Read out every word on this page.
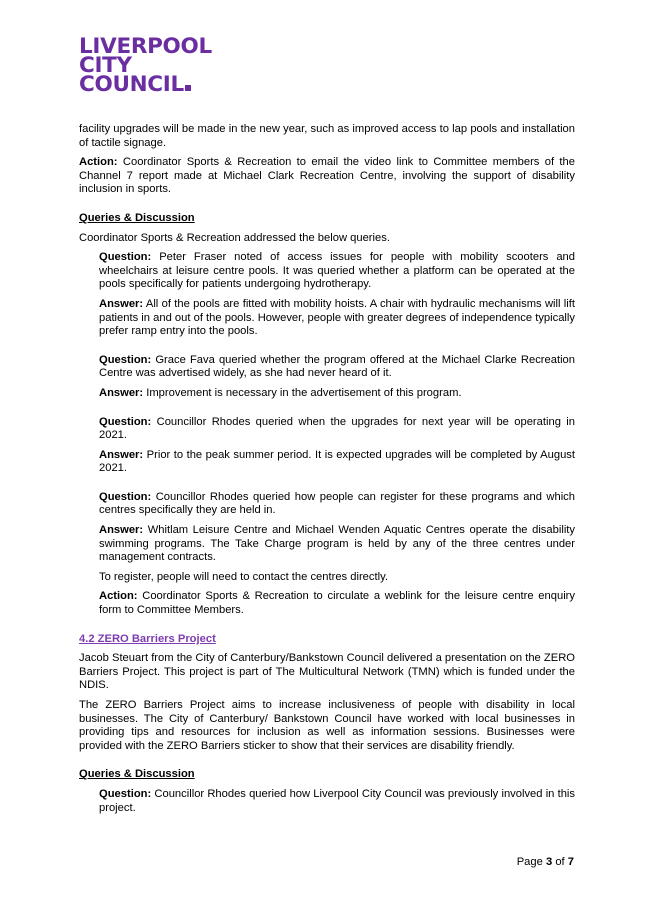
LIVERPOOL
CITY
COUNCIL

facility upgrades will be made in the new year, such as improved access to lap pools and installation of tactile signage.

Action: Coordinator Sports & Recreation to email the video link to Committee members of the Channel 7 report made at Michael Clark Recreation Centre, involving the support of disability inclusion in sports.

Queries & Discussion

Coordinator Sports & Recreation addressed the below queries.

Question: Peter Fraser noted of access issues for people with mobility scooters and wheelchairs at leisure centre pools. It was queried whether a platform can be operated at the pools specifically for patients undergoing hydrotherapy.

Answer: All of the pools are fitted with mobility hoists. A chair with hydraulic mechanisms will lift patients in and out of the pools. However, people with greater degrees of independence typically prefer ramp entry into the pools.

Question: Grace Fava queried whether the program offered at the Michael Clarke Recreation Centre was advertised widely, as she had never heard of it.

Answer: Improvement is necessary in the advertisement of this program.

Question: Councillor Rhodes queried when the upgrades for next year will be operating in 2021.

Answer: Prior to the peak summer period. It is expected upgrades will be completed by August 2021.

Question: Councillor Rhodes queried how people can register for these programs and which centres specifically they are held in.

Answer: Whitlam Leisure Centre and Michael Wenden Aquatic Centres operate the disability swimming programs. The Take Charge program is held by any of the three centres under management contracts.

To register, people will need to contact the centres directly.

Action: Coordinator Sports & Recreation to circulate a weblink for the leisure centre enquiry form to Committee Members.

4.2 ZERO Barriers Project

Jacob Steuart from the City of Canterbury/Bankstown Council delivered a presentation on the ZERO Barriers Project. This project is part of The Multicultural Network (TMN) which is funded under the NDIS.

The ZERO Barriers Project aims to increase inclusiveness of people with disability in local businesses. The City of Canterbury/ Bankstown Council have worked with local businesses in providing tips and resources for inclusion as well as information sessions. Businesses were provided with the ZERO Barriers sticker to show that their services are disability friendly.

Queries & Discussion

Question: Councillor Rhodes queried how Liverpool City Council was previously involved in this project.

Page 3 of 7
